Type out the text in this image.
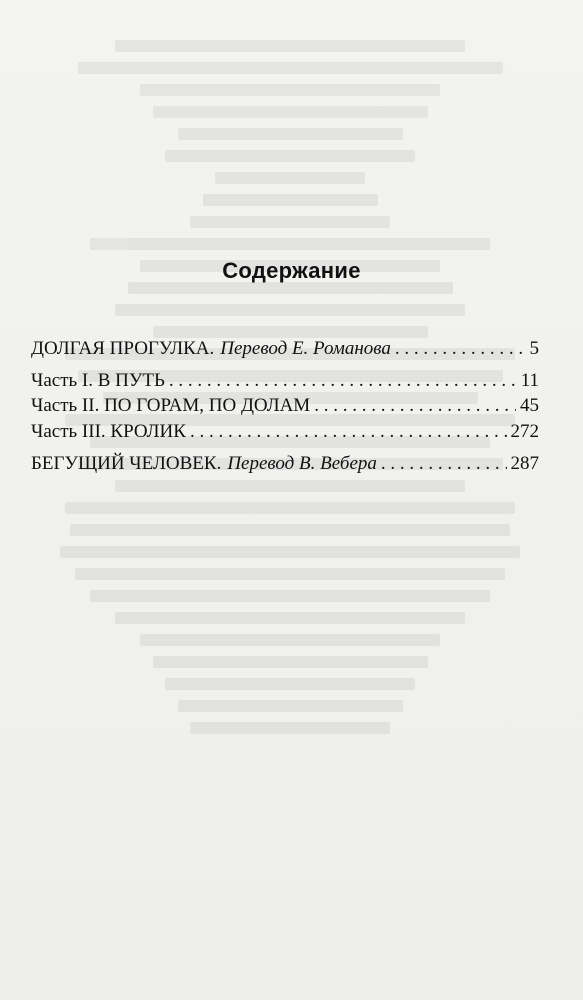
Содержание
ДОЛГАЯ ПРОГУЛКА. Перевод Е. Романова . . .	5
Часть I. В ПУТЬ . . .	11
Часть II. ПО ГОРАМ, ПО ДОЛАМ . . .	45
Часть III. КРОЛИК . . .	272
БЕГУЩИЙ ЧЕЛОВЕК. Перевод В. Вебера . . .	287
